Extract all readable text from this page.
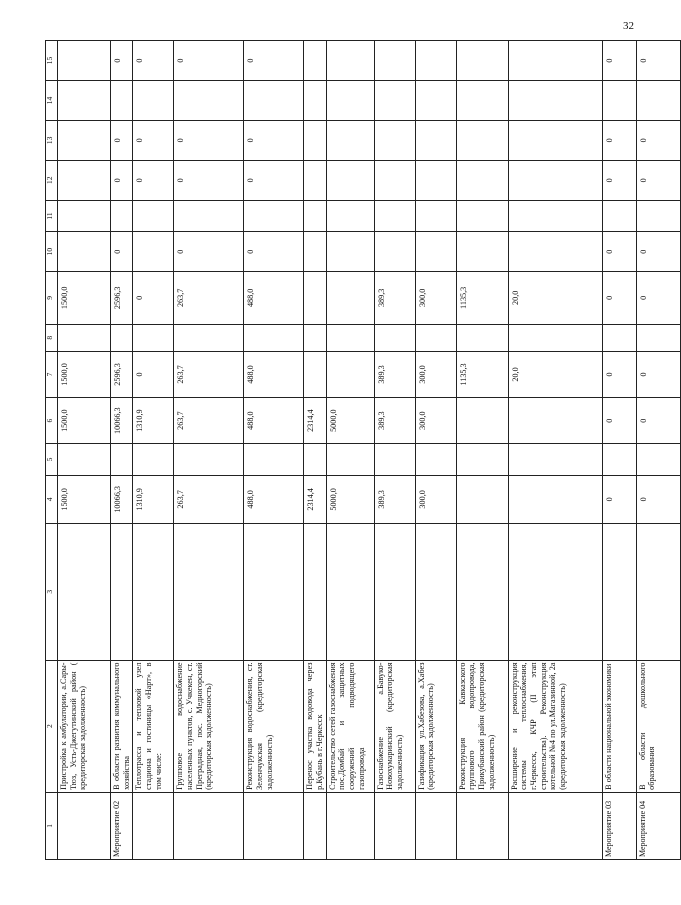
32
1	2	3	4	5	6	7	8	9	10	11	12	13	14	15
	Пристройка к амбулатории, а.Сары-Тюз, Усть-Джегутинский район ( кредиторская задолженность)		1500,0		1500,0	1500,0		1500,0						
Мероприятие 02	В области развития коммунального хозяйства		10066,3		10066,3	2596,3		2596,3	0		0	0		0
	Теплотрасса и тепловой узел стадиона и гостиницы «Нарт», в том числе:		1310,9		1310,9	0		0			0	0		0
	Групповое водоснабжение населенных пунктов, с. Учкекен, ст. Преградная, пос. Медногорский (кредиторская задолженность)		263,7		263,7	263,7		263,7	0		0	0		0
	Реконструкция водоснабжения, ст. Зеленчукская (кредиторская задолженность)		488,0		488,0	488,0		488,0	0		0	0		0
	Перенос участка водовода через р.Кубань в г.Черкесск		2314,4		2314,4									
	Строительство сетей газоснабжения пос.Домбай и защитных сооружений подводящего газопровода		5000,0		5000,0									
	Газоснабжение а.Бавуко-Новохумаринский (кредиторская задолженность)		389,3		389,3	389,3		389,3						
	Газификация ул.Хабезова, а.Хабез (кредиторская задолженность)		300,0		300,0	300,0		300,0						
	Реконструкция Кавказского группового водопровода, Прикубанский район (кредиторская задолженность)					1135,3		1135,3						
	Расширение и реконструкция системы теплоснабжения, г.Черкесск, КЧР (II этап строительства). Реконструкция котельной №4 по ул.Магазинной, 2а (кредиторская задолженность)					20,0		20,0						
Мероприятие 03	В области национальной экономики		0		0	0		0	0		0	0		0
Мероприятие 04	В области дошкольного образования		0		0	0		0	0		0	0		0
